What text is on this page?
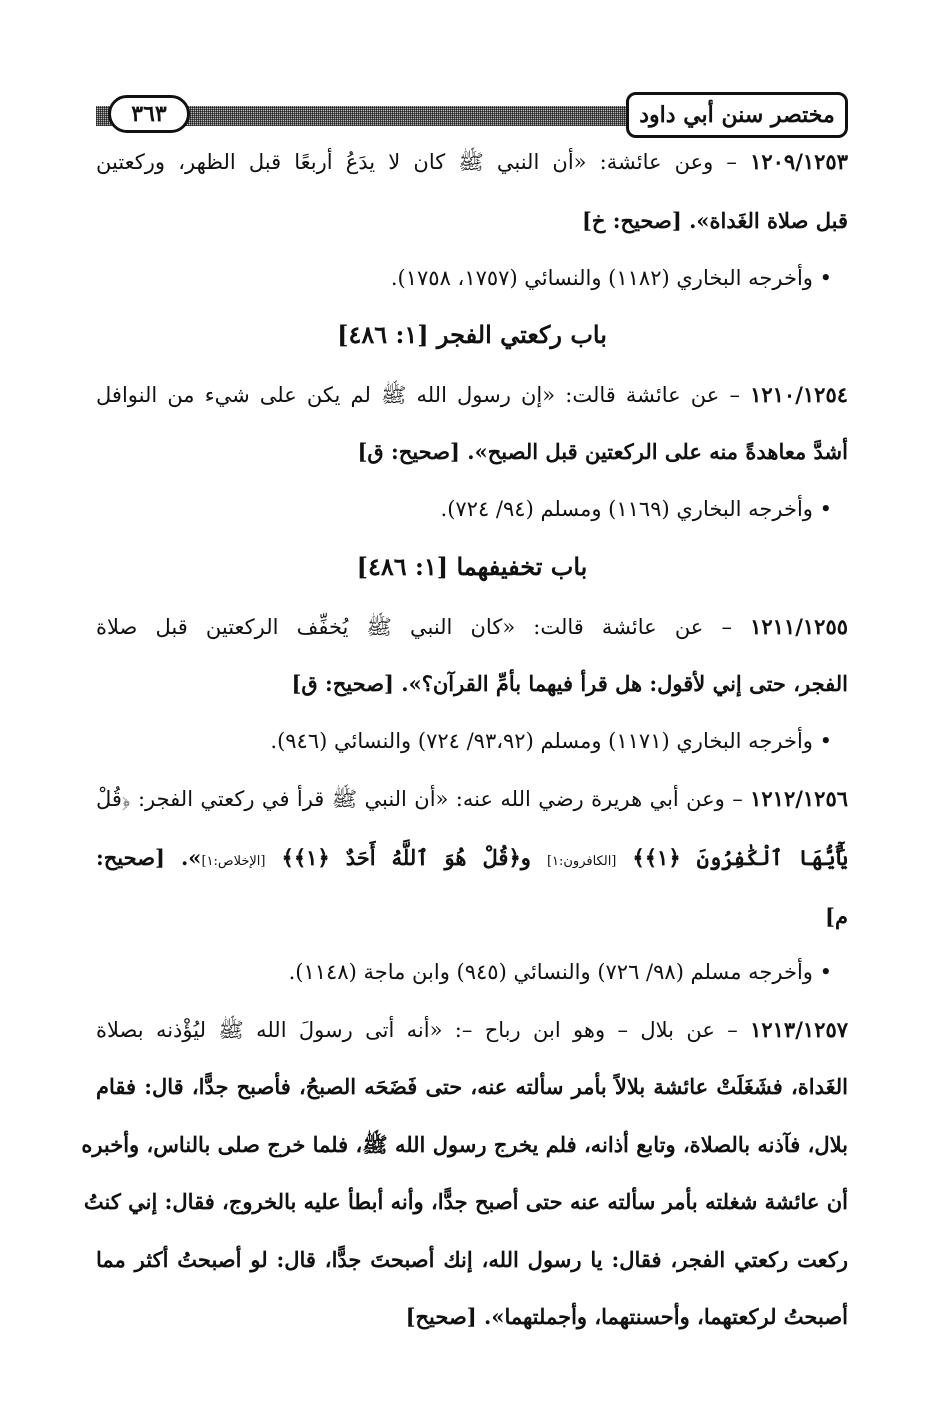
٣٦٣	مختصر سنن أبي داود
١٢٠٩/١٢٥٣ – وعن عائشة: «أن النبي ﷺ كان لا يدَعُ أربعًا قبل الظهر، وركعتين
قبل صلاة الغَداة». [صحيح: خ]
• وأخرجه البخاري (١١٨٢) والنسائي (١٧٥٧، ١٧٥٨).
باب ركعتي الفجر [١: ٤٨٦]
١٢١٠/١٢٥٤ – عن عائشة قالت: «إن رسول الله ﷺ لم يكن على شيء من النوافل
أشدَّ معاهدةً منه على الركعتين قبل الصبح». [صحيح: ق]
• وأخرجه البخاري (١١٦٩) ومسلم (٩٤/ ٧٢٤).
باب تخفيفهما [١: ٤٨٦]
١٢١١/١٢٥٥ – عن عائشة قالت: «كان النبي ﷺ يُخفِّف الركعتين قبل صلاة
الفجر، حتى إني لأقول: هل قرأ فيهما بأمِّ القرآن؟». [صحيح: ق]
• وأخرجه البخاري (١١٧١) ومسلم (٩٣،٩٢/ ٧٢٤) والنسائي (٩٤٦).
١٢١٢/١٢٥٦ – وعن أبي هريرة رضي الله عنه: «أن النبي ﷺ قرأ في ركعتي الفجر: ﴿قُلْ
يَٰٓأَيُّهَا ٱلْكَٰفِرُونَ ﴿١﴾﴾ [الكافرون:١] و﴿قُلْ هُوَ ٱللَّهُ أَحَدٌ ﴿١﴾﴾ [الإخلاص:١]». [صحيح:
م]
• وأخرجه مسلم (٩٨/ ٧٢٦) والنسائي (٩٤٥) وابن ماجة (١١٤٨).
١٢١٣/١٢٥٧ – عن بلال – وهو ابن رباح –: «أنه أتى رسولَ الله ﷺ ليُؤْذنه بصلاة
الغَداة، فشَغَلَتْ عائشة بلالاً بأمر سألته عنه، حتى فَضَحَه الصبحُ، فأصبح جدًّا، قال: فقام
بلال، فآذنه بالصلاة، وتابع أذانه، فلم يخرج رسول الله ﷺ، فلما خرج صلى بالناس، وأخبره
أن عائشة شغلته بأمر سألته عنه حتى أصبح جدًّا، وأنه أبطأ عليه بالخروج، فقال: إني كنتُ
ركعت ركعتي الفجر، فقال: يا رسول الله، إنك أصبحتَ جدًّا، قال: لو أصبحتُ أكثر مما
أصبحتُ لركعتهما، وأحسنتهما، وأجملتهما». [صحيح]
